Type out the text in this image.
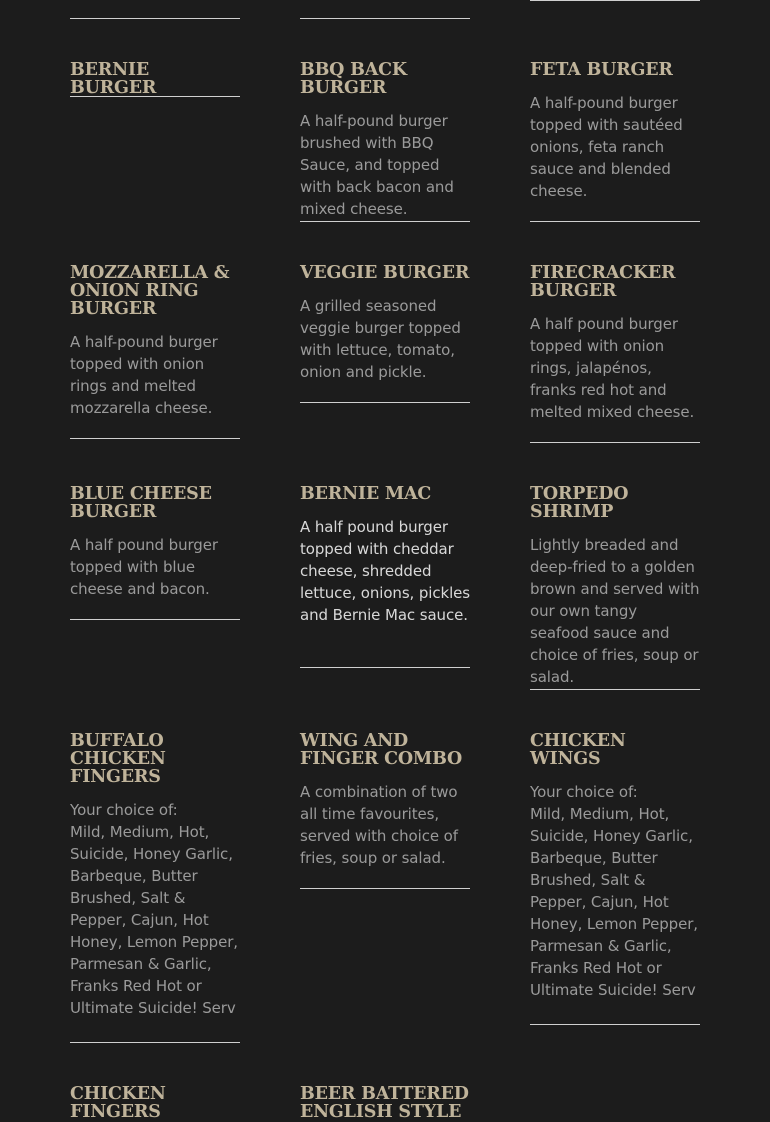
BERNIE BURGER
BBQ BACK BURGER

A half-pound burger brushed with BBQ Sauce, and topped with back bacon and mixed cheese.

FETA BURGER

A half-pound burger topped with sautéed onions, feta ranch sauce and blended cheese.

MOZZARELLA & ONION RING BURGER

A half-pound burger topped with onion rings and melted mozzarella cheese.

VEGGIE BURGER

A grilled seasoned veggie burger topped with lettuce, tomato, onion and pickle.

FIRECRACKER BURGER

A half pound burger topped with onion rings, jalapénos, franks red hot and melted mixed cheese.

BLUE CHEESE BURGER

A half pound burger topped with blue cheese and bacon.

BERNIE MAC

A half pound burger topped with cheddar cheese, shredded lettuce, onions, pickles and Bernie Mac sauce.

TORPEDO SHRIMP

Lightly breaded and deep-fried to a golden brown and served with our own tangy seafood sauce and choice of fries, soup or salad.

BUFFALO CHICKEN FINGERS

Your choice of:
Mild, Medium, Hot, Suicide, Honey Garlic, Barbeque, Butter Brushed, Salt & Pepper, Cajun, Hot Honey, Lemon Pepper, Parmesan & Garlic, Franks Red Hot or Ultimate Suicide! Serv

WING AND FINGER COMBO

A combination of two all time favourites, served with choice of fries, soup or salad.

CHICKEN WINGS

Your choice of:
Mild, Medium, Hot, Suicide, Honey Garlic, Barbeque, Butter Brushed, Salt & Pepper, Cajun, Hot Honey, Lemon Pepper, Parmesan & Garlic, Franks Red Hot or Ultimate Suicide! Serv

CHICKEN FINGERS
BEER BATTERED ENGLISH STYLE
